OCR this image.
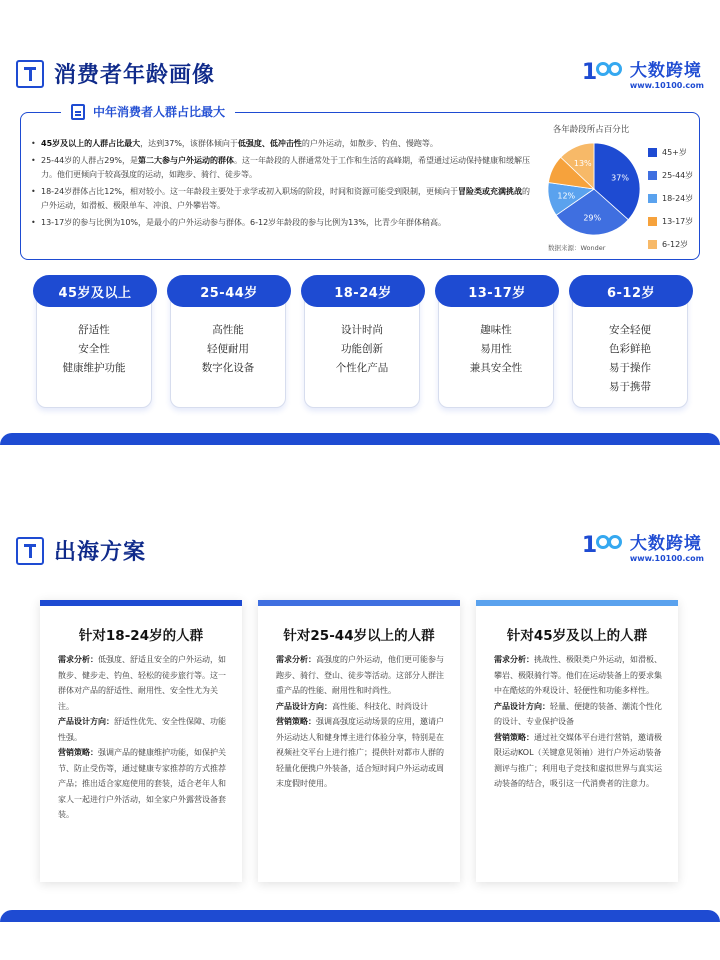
消费者年龄画像	1 大数跨境
www.10100.com
中年消费者人群占比最大
• 45岁及以上的人群占比最大，达到37%，该群体倾向于低强度、低冲击性的户外运动，如散步、钓鱼、慢跑等。
• 25-44岁的人群占29%，是第二大参与户外运动的群体。这一年龄段的人群通常处于工作和生活的高峰期，希望通过运动保持健康和缓解压力。他们更倾向于较高强度的运动，如跑步、骑行、徒步等。
• 18-24岁群体占比12%，相对较小。这一年龄段主要处于求学或初入职场的阶段，时间和资源可能受到限制，更倾向于冒险类或充满挑战的户外运动，如滑板、极限单车、冲浪、户外攀岩等。
• 13-17岁的参与比例为10%，是最小的户外运动参与群体。6-12岁年龄段的参与比例为13%，比青少年群体稍高。
各年龄段所占百分比
37%
29%
12%
13%
数据来源：Wonder
45+岁
25-44岁
18-24岁
13-17岁
6-12岁
45岁及以上
舒适性
安全性
健康维护功能
25-44岁
高性能
轻便耐用
数字化设备
18-24岁
设计时尚
功能创新
个性化产品
13-17岁
趣味性
易用性
兼具安全性
6-12岁
安全轻便
色彩鲜艳
易于操作
易于携带
出海方案	1 大数跨境
www.10100.com
针对18-24岁的人群

需求分析：低强度、舒适且安全的户外运动，如散步、健步走、钓鱼、轻松的徒步旅行等。这一群体对产品的舒适性、耐用性、安全性尤为关注。

产品设计方向：舒适性优先、安全性保障、功能性强。

营销策略：强调产品的健康维护功能，如保护关节、防止受伤等，通过健康专家推荐的方式推荐产品；推出适合家庭使用的套装，适合老年人和家人一起进行户外活动，如全家户外露营设备套装。

针对25-44岁以上的人群

需求分析：高强度的户外运动，他们更可能参与跑步、骑行、登山、徒步等活动。这部分人群注重产品的性能、耐用性和时尚性。

产品设计方向：高性能、科技化、时尚设计

营销策略：强调高强度运动场景的应用，邀请户外运动达人和健身博主进行体验分享，特别是在视频社交平台上进行推广；提供针对都市人群的轻量化便携户外装备，适合短时间户外运动或周末度假时使用。

针对45岁及以上的人群

需求分析：挑战性、极限类户外运动，如滑板、攀岩、极限骑行等。他们在运动装备上的要求集中在酷炫的外观设计、轻便性和功能多样性。

产品设计方向：轻量、便捷的装备、潮流个性化的设计、专业保护设备

营销策略：通过社交媒体平台进行营销，邀请极限运动KOL（关键意见领袖）进行户外运动装备测评与推广；利用电子竞技和虚拟世界与真实运动装备的结合，吸引这一代消费者的注意力。
